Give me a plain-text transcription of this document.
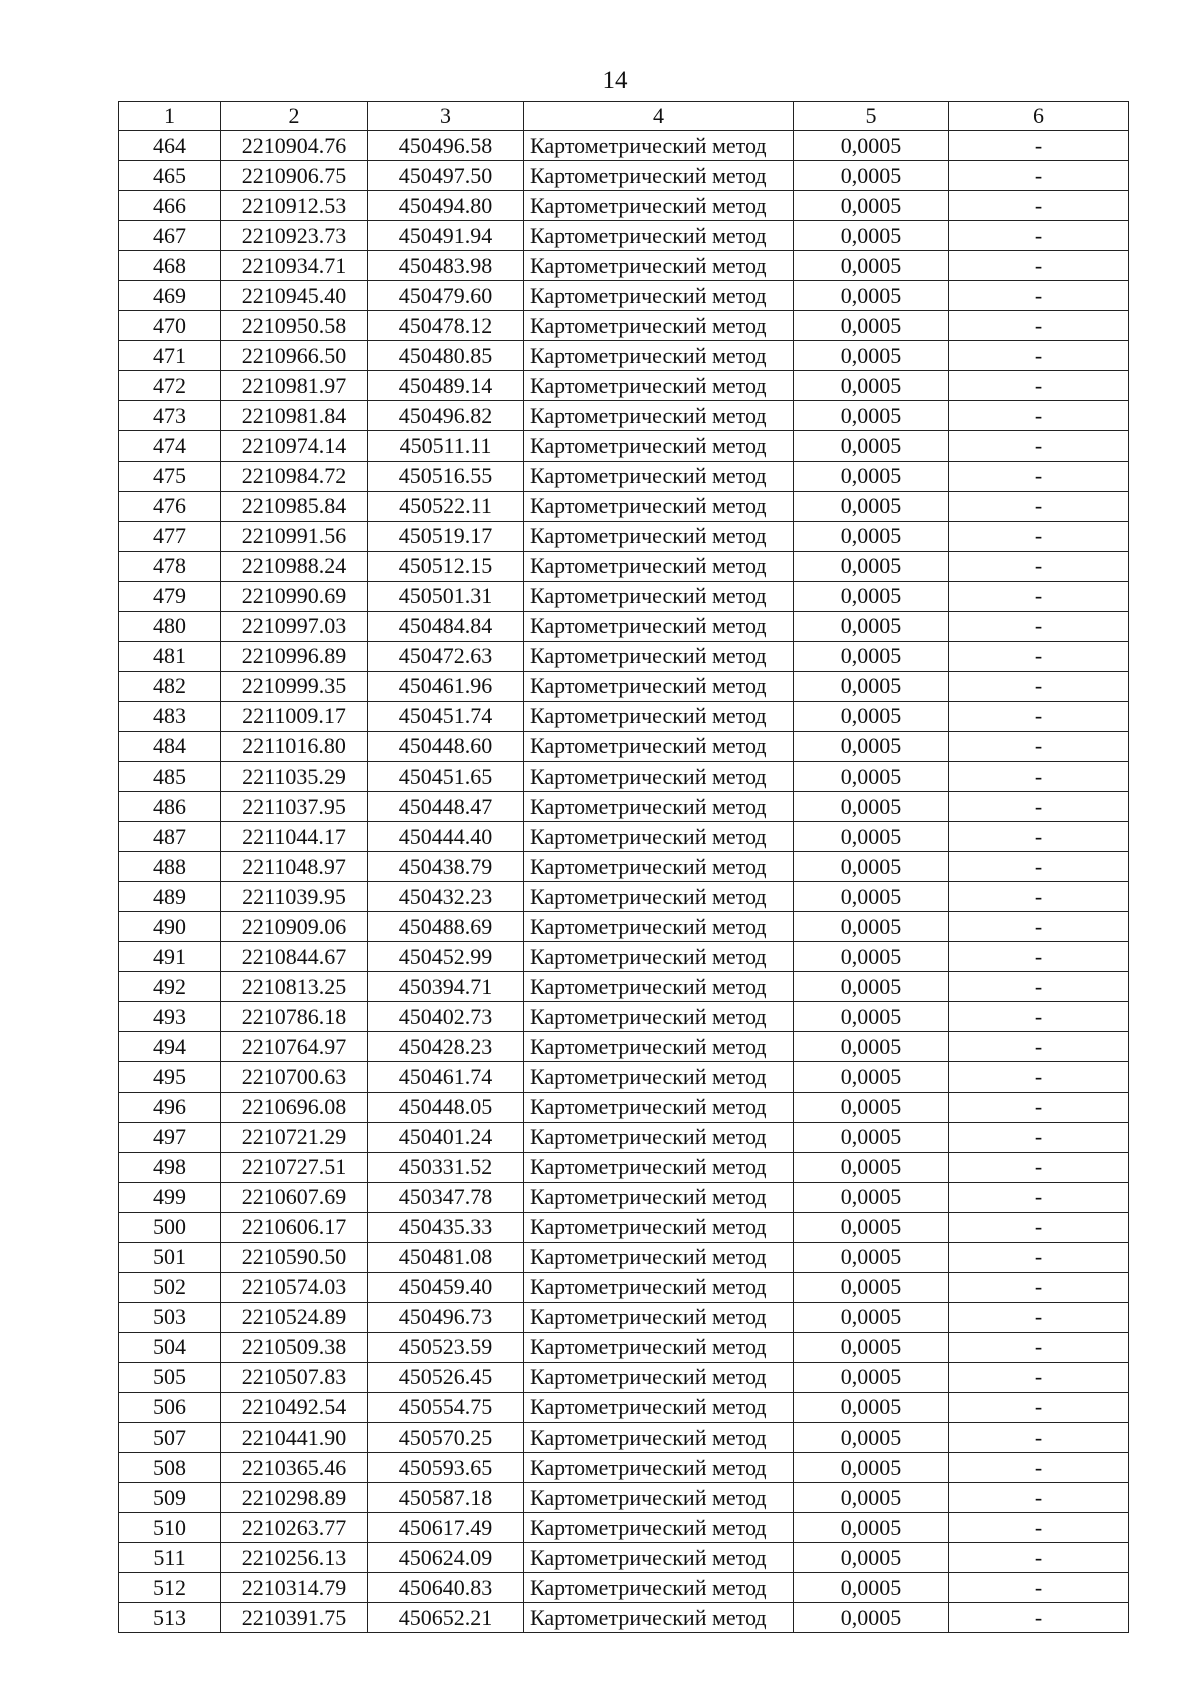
14
1	2	3	4	5	6
464	2210904.76	450496.58	Картометрический метод	0,0005	-
465	2210906.75	450497.50	Картометрический метод	0,0005	-
466	2210912.53	450494.80	Картометрический метод	0,0005	-
467	2210923.73	450491.94	Картометрический метод	0,0005	-
468	2210934.71	450483.98	Картометрический метод	0,0005	-
469	2210945.40	450479.60	Картометрический метод	0,0005	-
470	2210950.58	450478.12	Картометрический метод	0,0005	-
471	2210966.50	450480.85	Картометрический метод	0,0005	-
472	2210981.97	450489.14	Картометрический метод	0,0005	-
473	2210981.84	450496.82	Картометрический метод	0,0005	-
474	2210974.14	450511.11	Картометрический метод	0,0005	-
475	2210984.72	450516.55	Картометрический метод	0,0005	-
476	2210985.84	450522.11	Картометрический метод	0,0005	-
477	2210991.56	450519.17	Картометрический метод	0,0005	-
478	2210988.24	450512.15	Картометрический метод	0,0005	-
479	2210990.69	450501.31	Картометрический метод	0,0005	-
480	2210997.03	450484.84	Картометрический метод	0,0005	-
481	2210996.89	450472.63	Картометрический метод	0,0005	-
482	2210999.35	450461.96	Картометрический метод	0,0005	-
483	2211009.17	450451.74	Картометрический метод	0,0005	-
484	2211016.80	450448.60	Картометрический метод	0,0005	-
485	2211035.29	450451.65	Картометрический метод	0,0005	-
486	2211037.95	450448.47	Картометрический метод	0,0005	-
487	2211044.17	450444.40	Картометрический метод	0,0005	-
488	2211048.97	450438.79	Картометрический метод	0,0005	-
489	2211039.95	450432.23	Картометрический метод	0,0005	-
490	2210909.06	450488.69	Картометрический метод	0,0005	-
491	2210844.67	450452.99	Картометрический метод	0,0005	-
492	2210813.25	450394.71	Картометрический метод	0,0005	-
493	2210786.18	450402.73	Картометрический метод	0,0005	-
494	2210764.97	450428.23	Картометрический метод	0,0005	-
495	2210700.63	450461.74	Картометрический метод	0,0005	-
496	2210696.08	450448.05	Картометрический метод	0,0005	-
497	2210721.29	450401.24	Картометрический метод	0,0005	-
498	2210727.51	450331.52	Картометрический метод	0,0005	-
499	2210607.69	450347.78	Картометрический метод	0,0005	-
500	2210606.17	450435.33	Картометрический метод	0,0005	-
501	2210590.50	450481.08	Картометрический метод	0,0005	-
502	2210574.03	450459.40	Картометрический метод	0,0005	-
503	2210524.89	450496.73	Картометрический метод	0,0005	-
504	2210509.38	450523.59	Картометрический метод	0,0005	-
505	2210507.83	450526.45	Картометрический метод	0,0005	-
506	2210492.54	450554.75	Картометрический метод	0,0005	-
507	2210441.90	450570.25	Картометрический метод	0,0005	-
508	2210365.46	450593.65	Картометрический метод	0,0005	-
509	2210298.89	450587.18	Картометрический метод	0,0005	-
510	2210263.77	450617.49	Картометрический метод	0,0005	-
511	2210256.13	450624.09	Картометрический метод	0,0005	-
512	2210314.79	450640.83	Картометрический метод	0,0005	-
513	2210391.75	450652.21	Картометрический метод	0,0005	-
